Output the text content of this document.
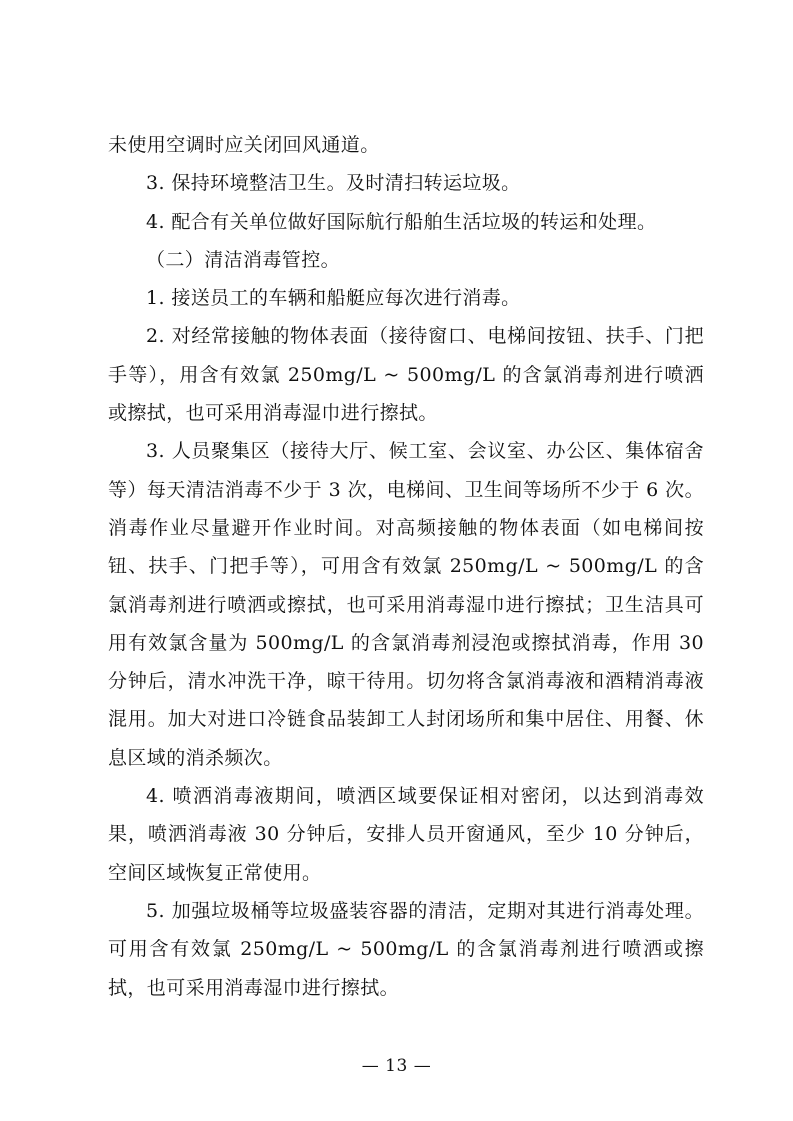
未使用空调时应关闭回风通道。

3. 保持环境整洁卫生。及时清扫转运垃圾。

4. 配合有关单位做好国际航行船舶生活垃圾的转运和处理。

（二）清洁消毒管控。

1. 接送员工的车辆和船艇应每次进行消毒。

2. 对经常接触的物体表面（接待窗口、电梯间按钮、扶手、门把手等），用含有效氯 250mg/L ~ 500mg/L 的含氯消毒剂进行喷洒或擦拭，也可采用消毒湿巾进行擦拭。

3. 人员聚集区（接待大厅、候工室、会议室、办公区、集体宿舍等）每天清洁消毒不少于 3 次，电梯间、卫生间等场所不少于 6 次。消毒作业尽量避开作业时间。对高频接触的物体表面（如电梯间按钮、扶手、门把手等），可用含有效氯 250mg/L ~ 500mg/L 的含氯消毒剂进行喷洒或擦拭，也可采用消毒湿巾进行擦拭；卫生洁具可用有效氯含量为 500mg/L 的含氯消毒剂浸泡或擦拭消毒，作用 30 分钟后，清水冲洗干净，晾干待用。切勿将含氯消毒液和酒精消毒液混用。加大对进口冷链食品装卸工人封闭场所和集中居住、用餐、休息区域的消杀频次。

4. 喷洒消毒液期间，喷洒区域要保证相对密闭，以达到消毒效果，喷洒消毒液 30 分钟后，安排人员开窗通风，至少 10 分钟后，空间区域恢复正常使用。

5. 加强垃圾桶等垃圾盛装容器的清洁，定期对其进行消毒处理。可用含有效氯 250mg/L ~ 500mg/L 的含氯消毒剂进行喷洒或擦拭，也可采用消毒湿巾进行擦拭。

— 13 —
